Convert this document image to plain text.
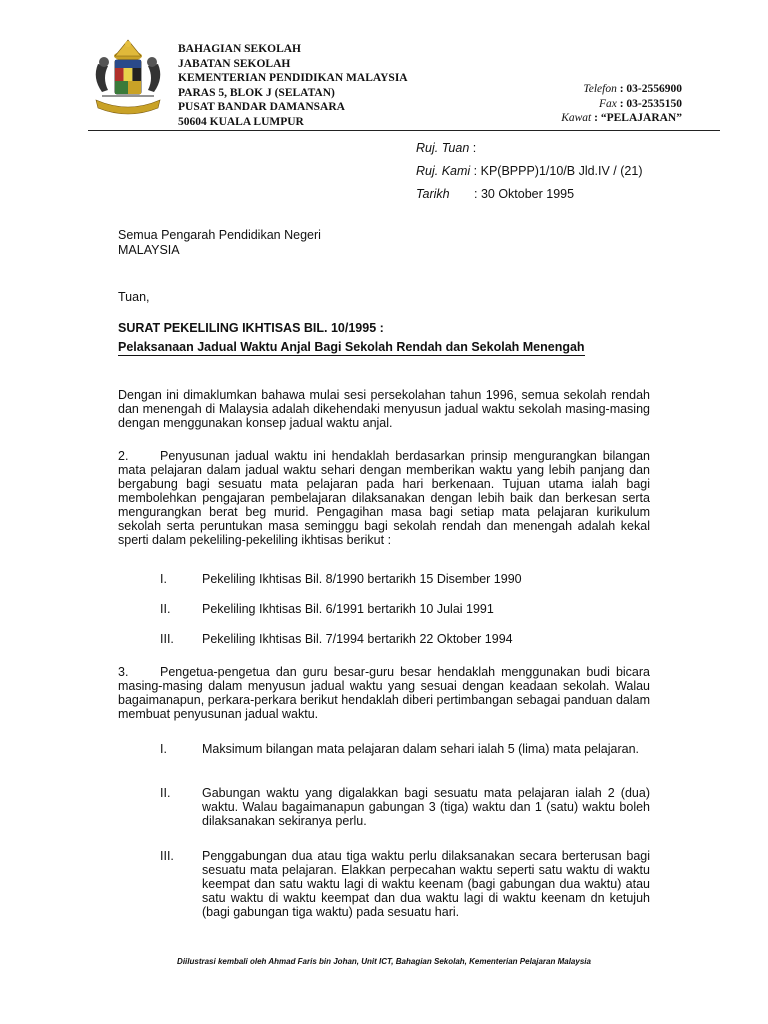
BAHAGIAN SEKOLAH
JABATAN SEKOLAH
KEMENTERIAN PENDIDIKAN MALAYSIA
PARAS 5, BLOK J (SELATAN)
PUSAT BANDAR DAMANSARA
50604 KUALA LUMPUR
Telefon : 03-2556900
Fax : 03-2535150
Kawat : “PELAJARAN”
Ruj. Tuan :
Ruj. Kami : KP(BPPP)1/10/B Jld.IV / (21)
Tarikh : 30 Oktober 1995
Semua Pengarah Pendidikan Negeri
MALAYSIA
Tuan,
SURAT PEKELILING IKHTISAS BIL. 10/1995 :
Pelaksanaan Jadual Waktu Anjal Bagi Sekolah Rendah dan Sekolah Menengah
Dengan ini dimaklumkan bahawa mulai sesi persekolahan tahun 1996, semua sekolah rendah dan menengah di Malaysia adalah dikehendaki menyusun jadual waktu sekolah masing-masing dengan menggunakan konsep jadual waktu anjal.
2.	Penyusunan jadual waktu ini hendaklah berdasarkan prinsip mengurangkan bilangan mata pelajaran dalam jadual waktu sehari dengan memberikan waktu yang lebih panjang dan bergabung bagi sesuatu mata pelajaran pada hari berkenaan. Tujuan utama ialah bagi membolehkan pengajaran pembelajaran dilaksanakan dengan lebih baik dan berkesan serta mengurangkan berat beg murid. Pengagihan masa bagi setiap mata pelajaran kurikulum sekolah serta peruntukan masa seminggu bagi sekolah rendah dan menengah adalah kekal sperti dalam pekeliling-pekeliling ikhtisas berikut :
I.	Pekeliling Ikhtisas Bil. 8/1990 bertarikh 15 Disember 1990
II.	Pekeliling Ikhtisas Bil. 6/1991 bertarikh 10 Julai 1991
III. Pekeliling Ikhtisas Bil. 7/1994 bertarikh 22 Oktober 1994
3.	Pengetua-pengetua dan guru besar-guru besar hendaklah menggunakan budi bicara masing-masing dalam menyusun jadual waktu yang sesuai dengan keadaan sekolah. Walau bagaimanapun, perkara-perkara berikut hendaklah diberi pertimbangan sebagai panduan dalam membuat penyusunan jadual waktu.
I.	Maksimum bilangan mata pelajaran dalam sehari ialah 5 (lima) mata pelajaran.
II.	Gabungan waktu yang digalakkan bagi sesuatu mata pelajaran ialah 2 (dua) waktu. Walau bagaimanapun gabungan 3 (tiga) waktu dan 1 (satu) waktu boleh dilaksanakan sekiranya perlu.
III. Penggabungan dua atau tiga waktu perlu dilaksanakan secara berterusan bagi sesuatu mata pelajaran. Elakkan perpecahan waktu seperti satu waktu di waktu keempat dan satu waktu lagi di waktu keenam (bagi gabungan dua waktu) atau satu waktu di waktu keempat dan dua waktu lagi di waktu keenam dn ketujuh (bagi gabungan tiga waktu) pada sesuatu hari.
Diilustrasi kembali oleh Ahmad Faris bin Johan, Unit ICT, Bahagian Sekolah, Kementerian Pelajaran Malaysia
